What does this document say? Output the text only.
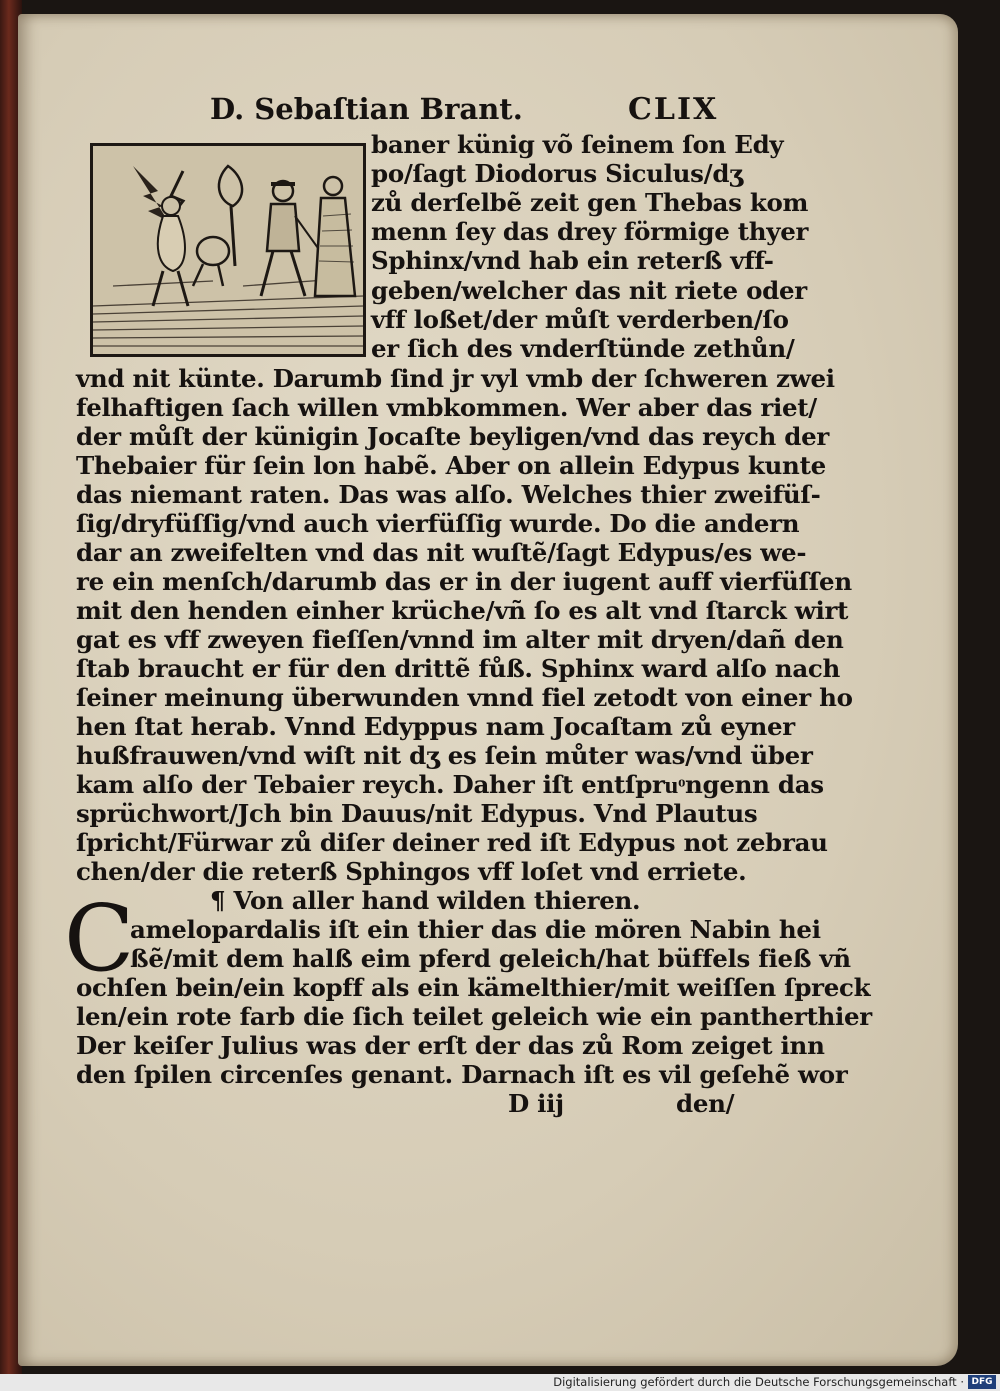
D. Sebaſtian Brant.	CLIX
baner künig võ ſeinem ſon Edy
po/ſagt Diodorus Siculus/dʒ
zů derſelbẽ zeit gen Thebas kom
menn ſey das drey förmige thyer
Sphinx/vnd hab ein reterß vff-
geben/welcher das nit riete oder
vff loßet/der můſt verderben/ſo
er ſich des vnderſtünde zethůn/
vnd nit künte. Darumb ſind jr vyl vmb der ſchweren zwei
felhaftigen ſach willen vmbkommen. Wer aber das riet/
der můſt der künigin Jocaſte beyligen/vnd das reych der
Thebaier für ſein lon habẽ. Aber on allein Edypus kunte
das niemant raten. Das was alſo. Welches thier zweifüſ-
ſig/dryfüſſig/vnd auch vierfüſſig wurde. Do die andern
dar an zweifelten vnd das nit wuſtẽ/ſagt Edypus/es we-
re ein menſch/darumb das er in der iugent auff vierfüſſen
mit den henden einher krüche/vñ ſo es alt vnd ſtarck wirt
gat es vff zweyen fieſſen/vnnd im alter mit dryen/dañ den
ſtab braucht er für den drittẽ fůß. Sphinx ward alſo nach
ſeiner meinung überwunden vnnd fiel zetodt von einer ho
hen ſtat herab. Vnnd Edyppus nam Jocaſtam zů eyner
hußfrauwen/vnd wiſt nit dʒ es ſein můter was/vnd über
kam alſo der Tebaier reych. Daher iſt entſpruͦngenn das
sprüchwort/Jch bin Dauus/nit Edypus. Vnd Plautus
ſpricht/Fürwar zů diſer deiner red iſt Edypus not zebrau
chen/der die reterß Sphingos vff loſet vnd erriete.
¶ Von aller hand wilden thieren.
C
amelopardalis iſt ein thier das die mören Nabin hei
ßẽ/mit dem halß eim pferd geleich/hat büffels fieß vñ
ochſen bein/ein kopff als ein kämelthier/mit weiſſen ſpreck
len/ein rote farb die ſich teilet geleich wie ein pantherthier
Der keiſer Julius was der erſt der das zů Rom zeiget inn
den ſpilen circenſes genant. Darnach iſt es vil geſehẽ wor
D iij	den/
Digitalisierung gefördert durch die Deutsche Forschungsgemeinschaft · DFG
